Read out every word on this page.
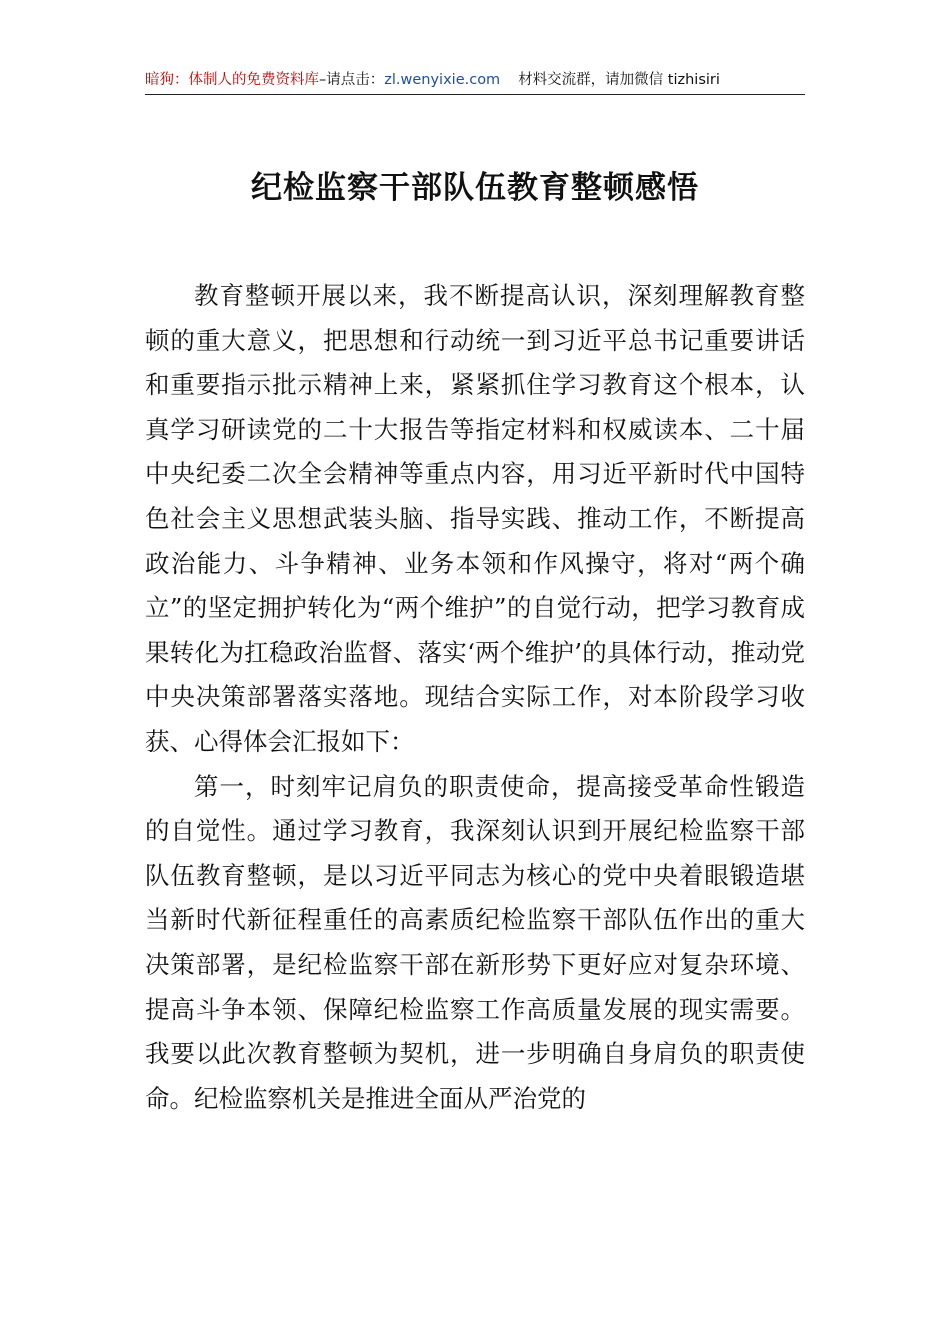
暗狗：体制人的免费资料库–请点击：zl.wenyixie.com 材料交流群，请加微信 tizhisiri
纪检监察干部队伍教育整顿感悟

教育整顿开展以来，我不断提高认识，深刻理解教育整顿的重大意义，把思想和行动统一到习近平总书记重要讲话和重要指示批示精神上来，紧紧抓住学习教育这个根本，认真学习研读党的二十大报告等指定材料和权威读本、二十届中央纪委二次全会精神等重点内容，用习近平新时代中国特色社会主义思想武装头脑、指导实践、推动工作，不断提高政治能力、斗争精神、业务本领和作风操守，将对“两个确立”的坚定拥护转化为“两个维护”的自觉行动，把学习教育成果转化为扛稳政治监督、落实‘两个维护’的具体行动，推动党中央决策部署落实落地。现结合实际工作，对本阶段学习收获、心得体会汇报如下：

第一，时刻牢记肩负的职责使命，提高接受革命性锻造的自觉性。通过学习教育，我深刻认识到开展纪检监察干部队伍教育整顿，是以习近平同志为核心的党中央着眼锻造堪当新时代新征程重任的高素质纪检监察干部队伍作出的重大决策部署，是纪检监察干部在新形势下更好应对复杂环境、提高斗争本领、保障纪检监察工作高质量发展的现实需要。我要以此次教育整顿为契机，进一步明确自身肩负的职责使命。纪检监察机关是推进全面从严治党的
